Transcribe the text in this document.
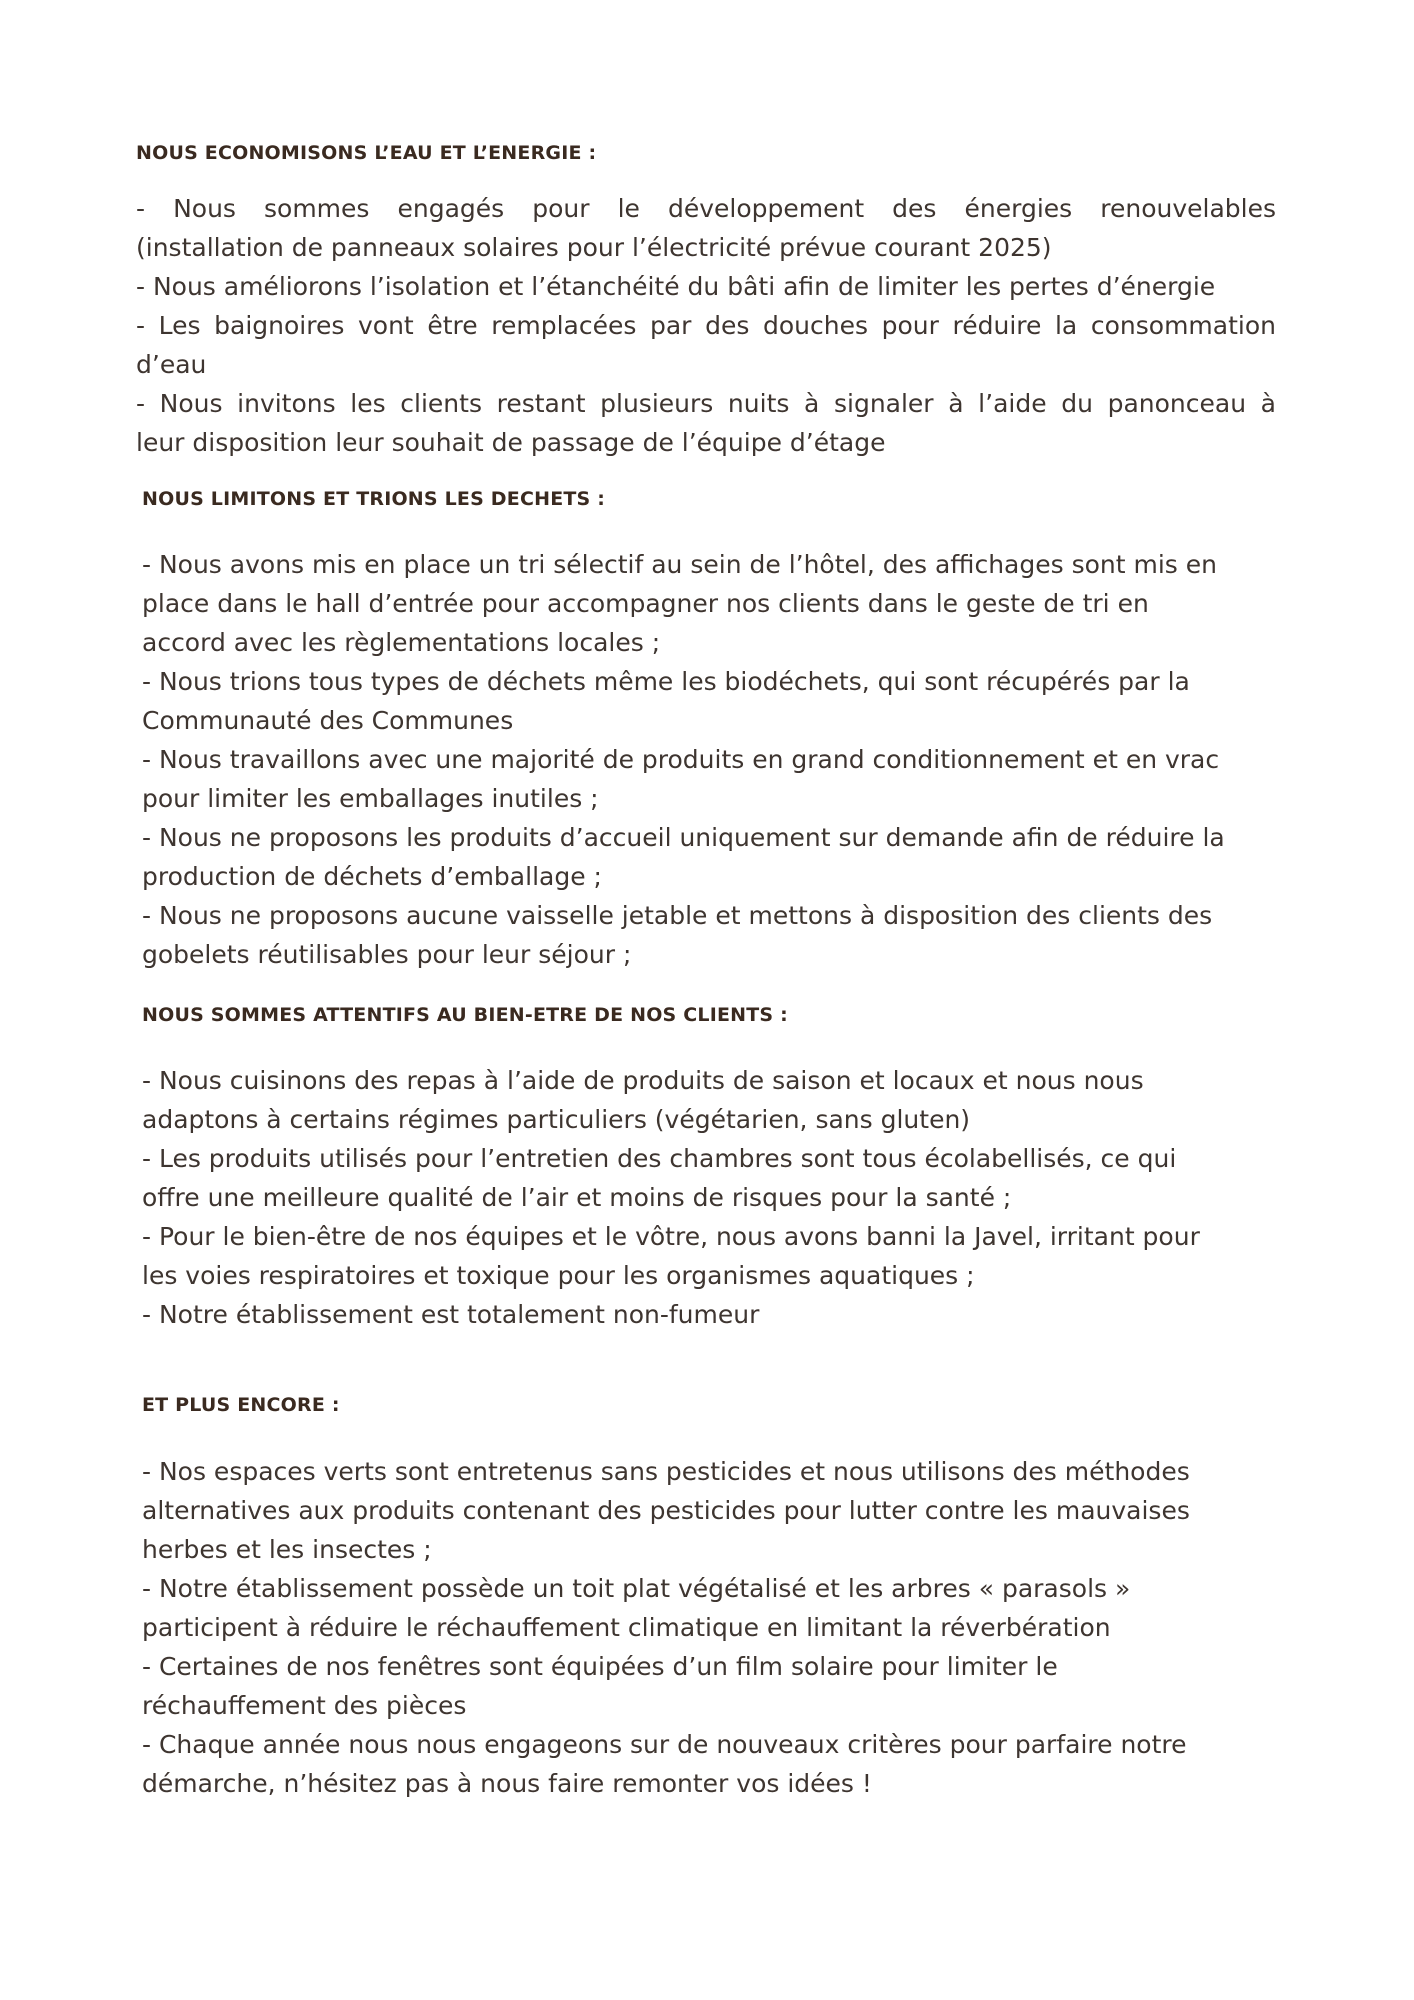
NOUS ECONOMISONS L’EAU ET L’ENERGIE :
- Nous sommes engagés pour le développement des énergies renouvelables
(installation de panneaux solaires pour l’électricité prévue courant 2025)
- Nous améliorons l’isolation et l’étanchéité du bâti afin de limiter les pertes d’énergie
- Les baignoires vont être remplacées par des douches pour réduire la consommation
d’eau
- Nous invitons les clients restant plusieurs nuits à signaler à l’aide du panonceau à
leur disposition leur souhait de passage de l’équipe d’étage
NOUS LIMITONS ET TRIONS LES DECHETS :
- Nous avons mis en place un tri sélectif au sein de l’hôtel, des affichages sont mis en
place dans le hall d’entrée pour accompagner nos clients dans le geste de tri en
accord avec les règlementations locales ;
- Nous trions tous types de déchets même les biodéchets, qui sont récupérés par la
Communauté des Communes
- Nous travaillons avec une majorité de produits en grand conditionnement et en vrac
pour limiter les emballages inutiles ;
- Nous ne proposons les produits d’accueil uniquement sur demande afin de réduire la
production de déchets d’emballage ;
- Nous ne proposons aucune vaisselle jetable et mettons à disposition des clients des
gobelets réutilisables pour leur séjour ;
NOUS SOMMES ATTENTIFS AU BIEN-ETRE DE NOS CLIENTS :
- Nous cuisinons des repas à l’aide de produits de saison et locaux et nous nous
adaptons à certains régimes particuliers (végétarien, sans gluten)
- Les produits utilisés pour l’entretien des chambres sont tous écolabellisés, ce qui
offre une meilleure qualité de l’air et moins de risques pour la santé ;
- Pour le bien-être de nos équipes et le vôtre, nous avons banni la Javel, irritant pour
les voies respiratoires et toxique pour les organismes aquatiques ;
- Notre établissement est totalement non-fumeur
ET PLUS ENCORE :
- Nos espaces verts sont entretenus sans pesticides et nous utilisons des méthodes
alternatives aux produits contenant des pesticides pour lutter contre les mauvaises
herbes et les insectes ;
- Notre établissement possède un toit plat végétalisé et les arbres « parasols »
participent à réduire le réchauffement climatique en limitant la réverbération
- Certaines de nos fenêtres sont équipées d’un film solaire pour limiter le
réchauffement des pièces
- Chaque année nous nous engageons sur de nouveaux critères pour parfaire notre
démarche, n’hésitez pas à nous faire remonter vos idées !
